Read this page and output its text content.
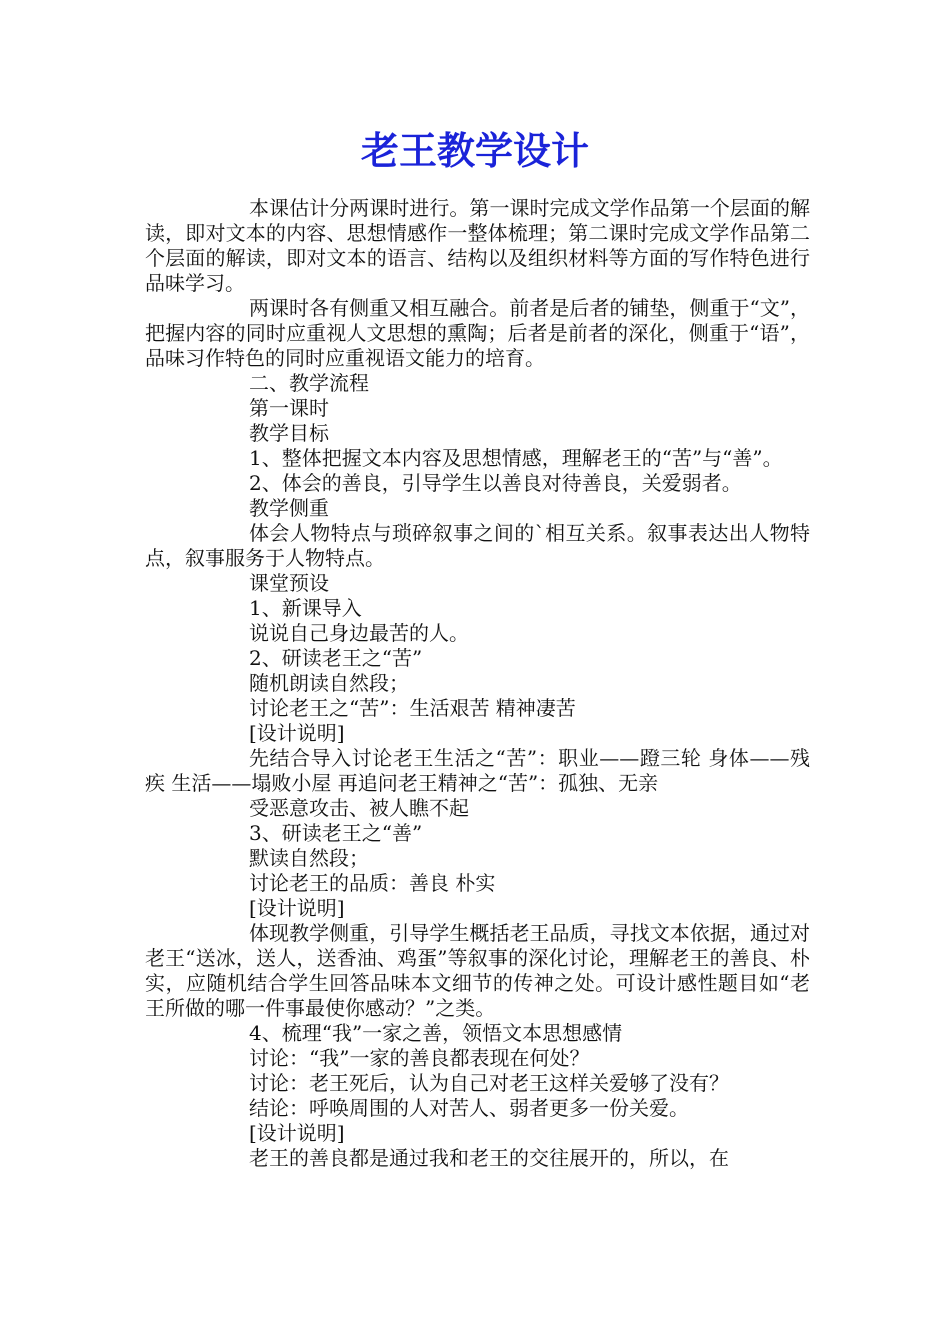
老王教学设计

本课估计分两课时进行。第一课时完成文学作品第一个层面的解读，即对文本的内容、思想情感作一整体梳理；第二课时完成文学作品第二个层面的解读，即对文本的语言、结构以及组织材料等方面的写作特色进行品味学习。

两课时各有侧重又相互融合。前者是后者的铺垫，侧重于“文”，把握内容的同时应重视人文思想的熏陶；后者是前者的深化，侧重于“语”，品味习作特色的同时应重视语文能力的培育。

二、教学流程

第一课时

教学目标

1、整体把握文本内容及思想情感，理解老王的“苦”与“善”。

2、体会的善良，引导学生以善良对待善良，关爱弱者。

教学侧重

体会人物特点与琐碎叙事之间的`相互关系。叙事表达出人物特点，叙事服务于人物特点。

课堂预设

1、新课导入

说说自己身边最苦的人。

2、研读老王之“苦”

随机朗读自然段；

讨论老王之“苦”：生活艰苦 精神凄苦

[设计说明]

先结合导入讨论老王生活之“苦”：职业——蹬三轮 身体——残疾 生活——塌败小屋 再追问老王精神之“苦”：孤独、无亲

受恶意攻击、被人瞧不起

3、研读老王之“善”

默读自然段；

讨论老王的品质：善良 朴实

[设计说明]

体现教学侧重，引导学生概括老王品质，寻找文本依据，通过对老王“送冰，送人，送香油、鸡蛋”等叙事的深化讨论，理解老王的善良、朴实，应随机结合学生回答品味本文细节的传神之处。可设计感性题目如“老王所做的哪一件事最使你感动？”之类。

4、梳理“我”一家之善，领悟文本思想感情

讨论：“我”一家的善良都表现在何处？

讨论：老王死后，认为自己对老王这样关爱够了没有？

结论：呼唤周围的人对苦人、弱者更多一份关爱。

[设计说明]

老王的善良都是通过我和老王的交往展开的，所以，在
